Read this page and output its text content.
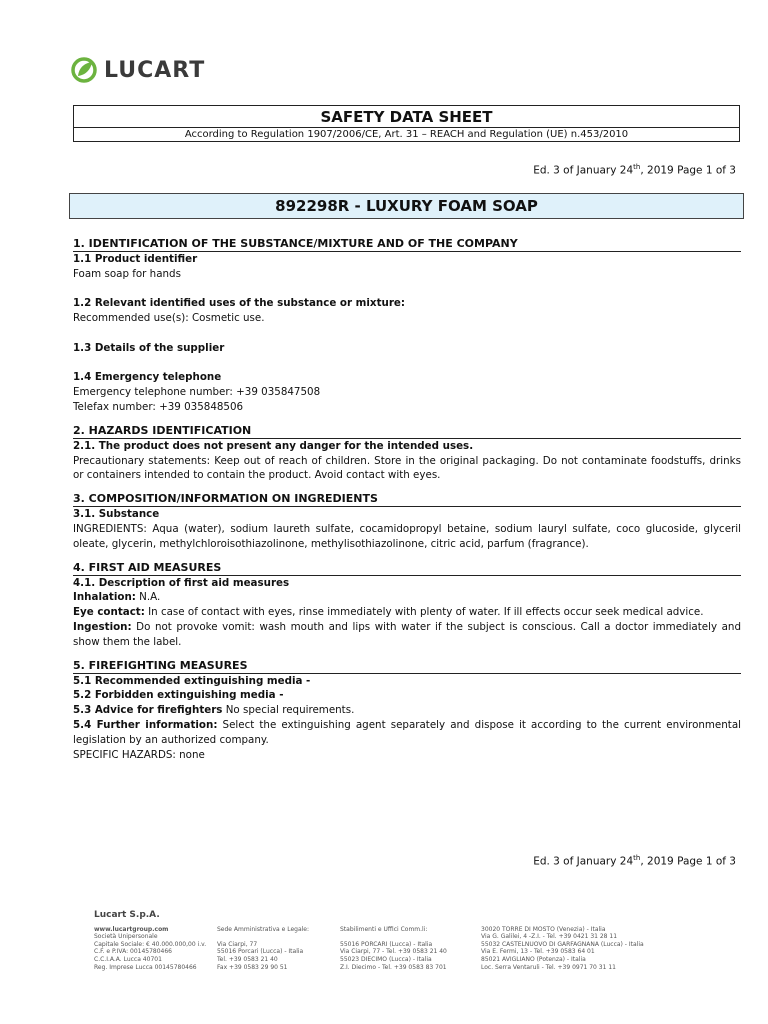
LUCART
SAFETY DATA SHEET
According to Regulation 1907/2006/CE, Art. 31 – REACH and Regulation (UE) n.453/2010
Ed. 3 of January 24th, 2019 Page 1 of 3
892298R - LUXURY FOAM SOAP
1. IDENTIFICATION OF THE SUBSTANCE/MIXTURE AND OF THE COMPANY
1.1 Product identifier
Foam soap for hands
1.2 Relevant identified uses of the substance or mixture:
Recommended use(s): Cosmetic use.
1.3 Details of the supplier
1.4 Emergency telephone
Emergency telephone number: +39 035847508
Telefax number: +39 035848506
2. HAZARDS IDENTIFICATION
2.1. The product does not present any danger for the intended uses.
Precautionary statements: Keep out of reach of children. Store in the original packaging. Do not contaminate foodstuffs, drinks or containers intended to contain the product. Avoid contact with eyes.
3. COMPOSITION/INFORMATION ON INGREDIENTS
3.1. Substance
INGREDIENTS: Aqua (water), sodium laureth sulfate, cocamidopropyl betaine, sodium lauryl sulfate, coco glucoside, glyceril oleate, glycerin, methylchloroisothiazolinone, methylisothiazolinone, citric acid, parfum (fragrance).
4. FIRST AID MEASURES
4.1. Description of first aid measures
Inhalation: N.A.
Eye contact: In case of contact with eyes, rinse immediately with plenty of water. If ill effects occur seek medical advice.
Ingestion: Do not provoke vomit: wash mouth and lips with water if the subject is conscious. Call a doctor immediately and show them the label.
5. FIREFIGHTING MEASURES
5.1 Recommended extinguishing media -
5.2 Forbidden extinguishing media -
5.3 Advice for firefighters No special requirements.
5.4 Further information: Select the extinguishing agent separately and dispose it according to the current environmental legislation by an authorized company.
SPECIFIC HAZARDS: none
Ed. 3 of January 24th, 2019 Page 1 of 3
Lucart S.p.A.
www.lucartgroup.com
Società Unipersonale
Capitale Sociale: € 40.000.000,00 i.v.
C.F. e P.IVA: 00145780466
C.C.I.A.A. Lucca 40701
Reg. Imprese Lucca 00145780466
Sede Amministrativa e Legale:

Via Ciarpi, 77
55016 Porcari (Lucca) - Italia
Tel. +39 0583 21 40
Fax +39 0583 29 90 51
Stabilimenti e Uffici Comm.li:

55016 PORCARI (Lucca) - Italia
Via Ciarpi, 77 - Tel. +39 0583 21 40
55023 DIECIMO (Lucca) - Italia
Z.I. Diecimo - Tel. +39 0583 83 701
30020 TORRE DI MOSTO (Venezia) - Italia
Via G. Galilei, 4 -Z.I. - Tel. +39 0421 31 28 11
55032 CASTELNUOVO DI GARFAGNANA (Lucca) - Italia
Via E. Fermi, 13 - Tel. +39 0583 64 01
85021 AVIGLIANO (Potenza) - Italia
Loc. Serra Ventaruli - Tel. +39 0971 70 31 11
